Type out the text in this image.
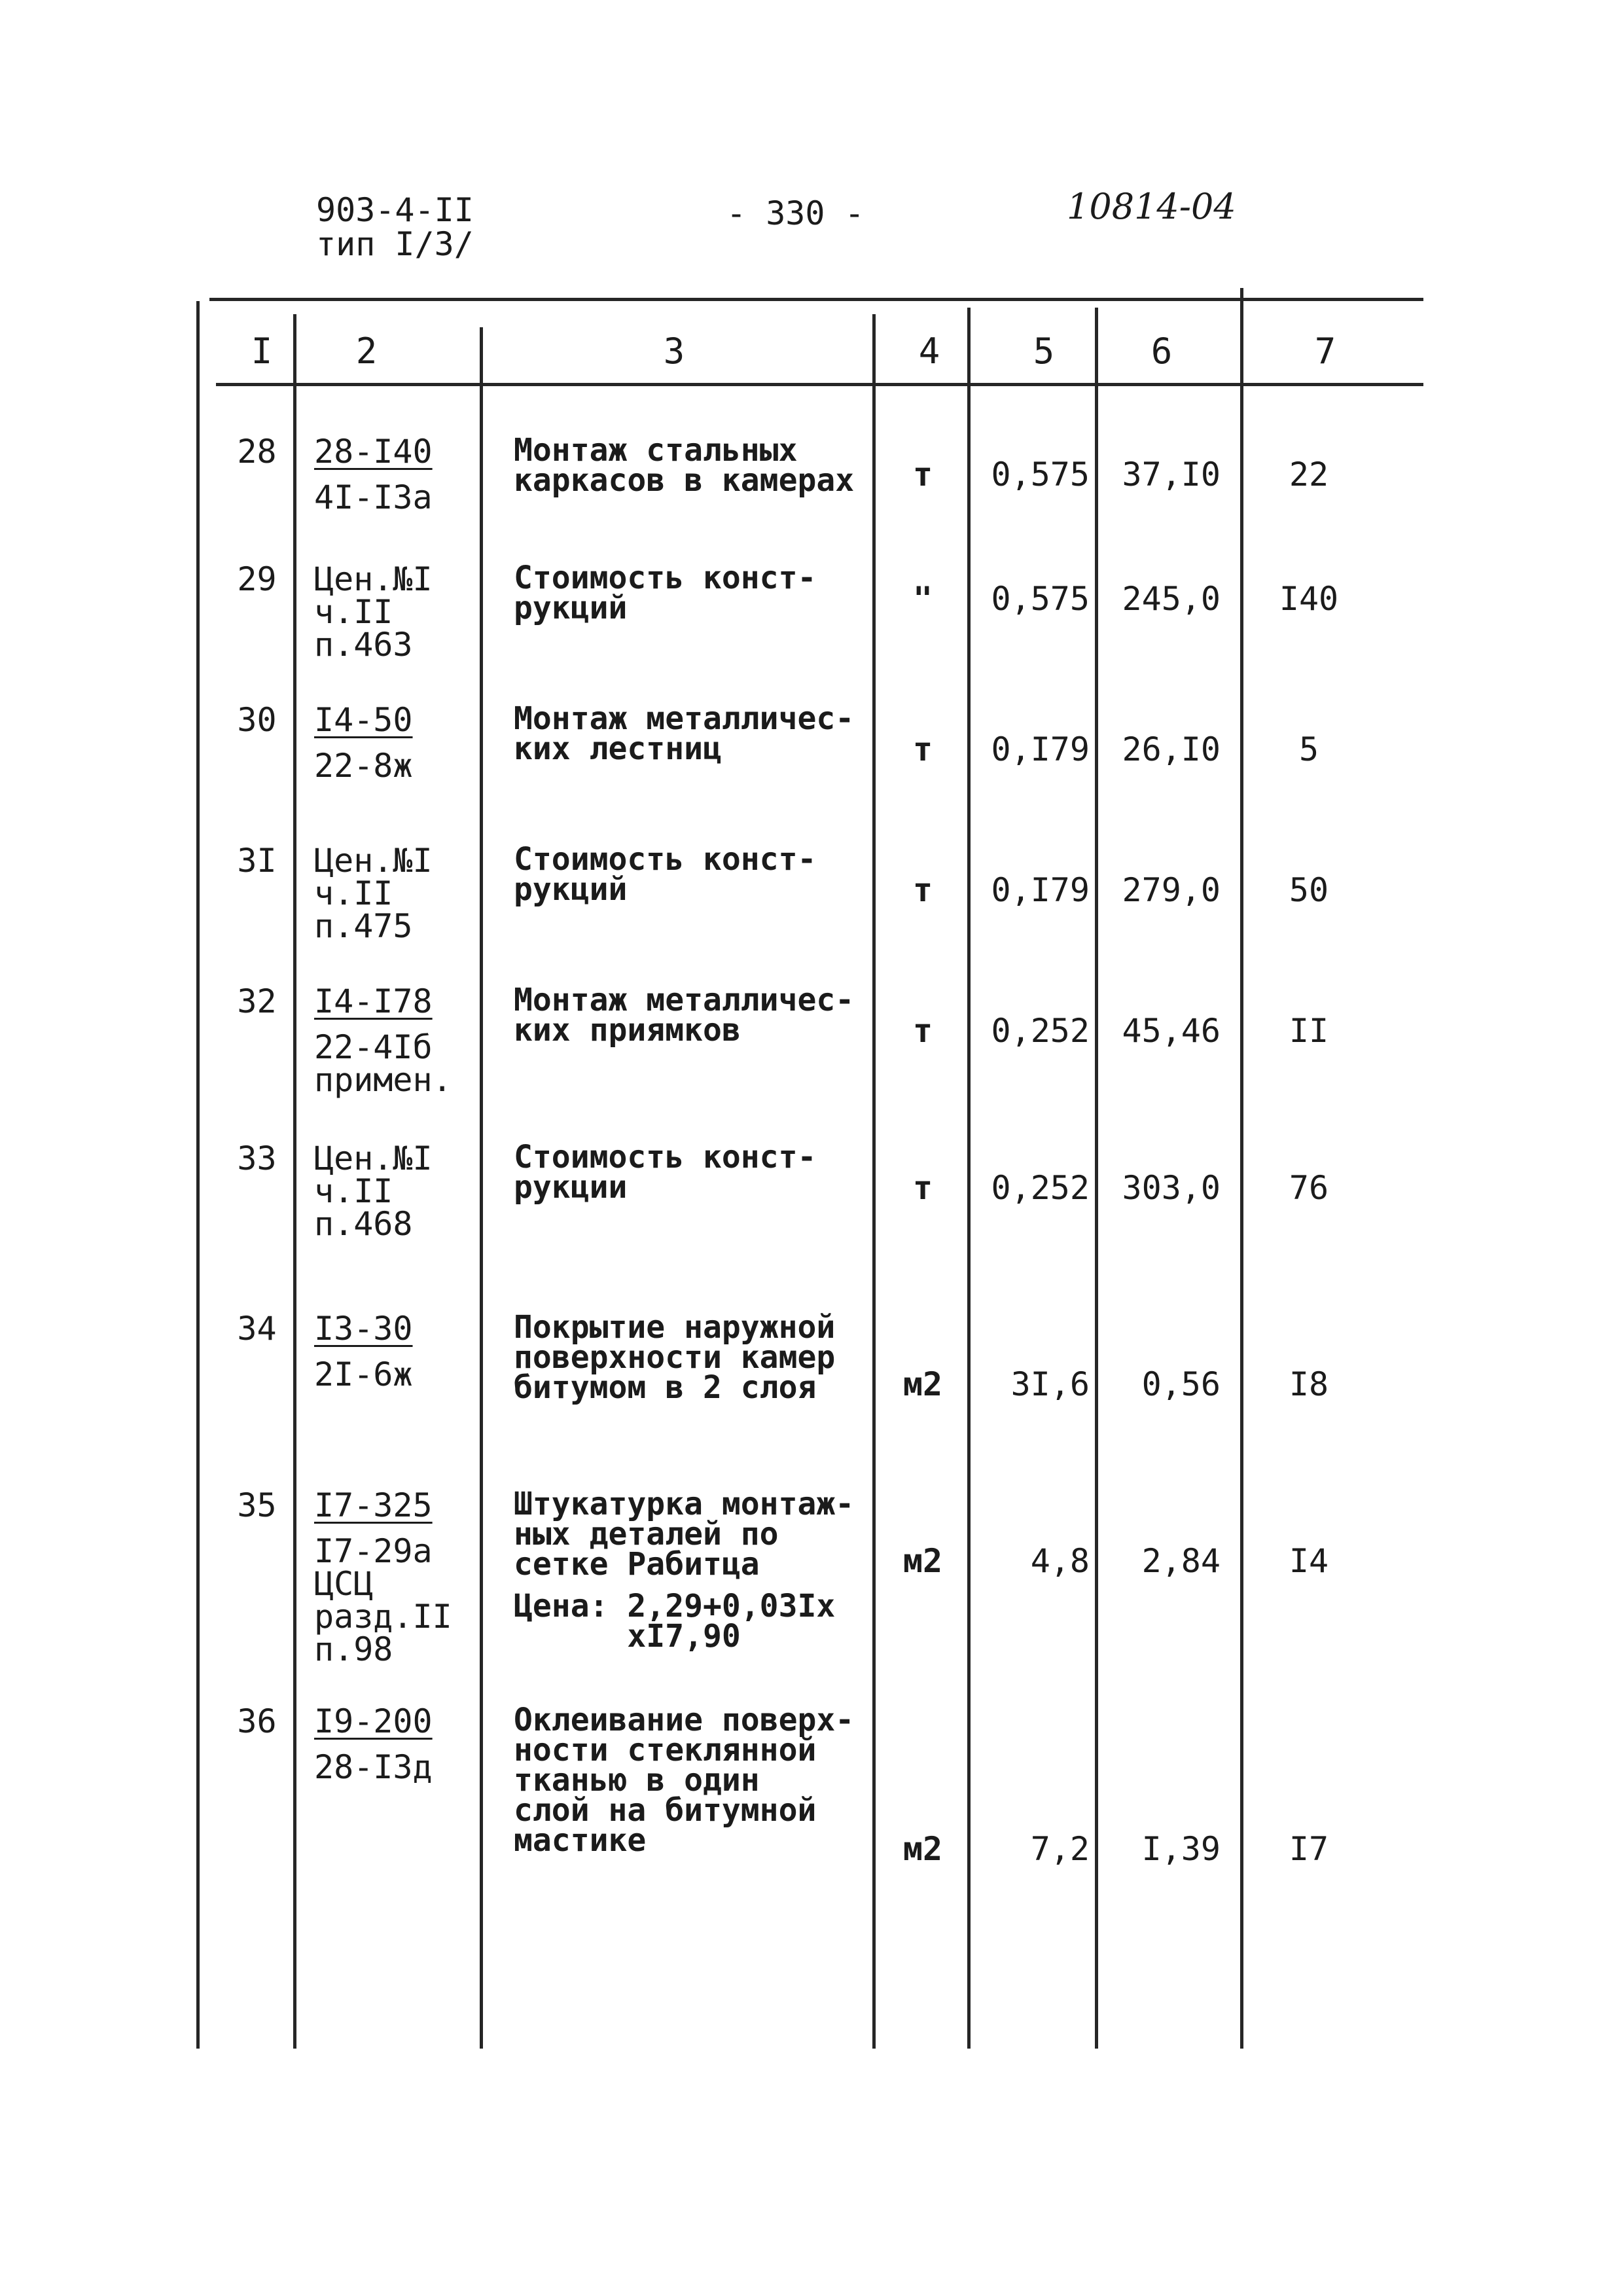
903-4-II
тип I/3/
- 330 -	10814-04
I 2	3	4	5	6	7
28 28-I40
4I-I3a
Монтаж стальных
каркасов в камерах	т	0,575 37,I0	22
29 Цен.№I
ч.II
п.463
Стоимость конст-
рукций	"	0,575 245,0	I40
30 I4-50
22-8ж
Монтаж металличес-
ких лестниц	т	0,I79 26,I0	5
3I Цен.№I
ч.II
п.475
Стоимость конст-
рукций	т	0,I79 279,0	50
32 I4-I78
22-4Iб
примен.
Монтаж металличес-
ких приямков	т	0,252 45,46	II
33 Цен.№I
ч.II
п.468
Стоимость конст-
рукции	т	0,252 303,0	76
34 I3-30
2I-6ж
Покрытие наружной
поверхности камер
битумом в 2 слоя	м2	3I,6	0,56	I8
35 I7-325
I7-29a
ЦСЦ
разд.II
п.98
Штукатурка монтаж-
ных деталей по
сетке Рабитца
Цена: 2,29+0,03Iх
хI7,90
м2	4,8	2,84	I4
36 I9-200
28-I3д
Оклеивание поверх-
ности стеклянной
тканью в один
слой на битумной
мастике	м2	7,2	I,39	I7
